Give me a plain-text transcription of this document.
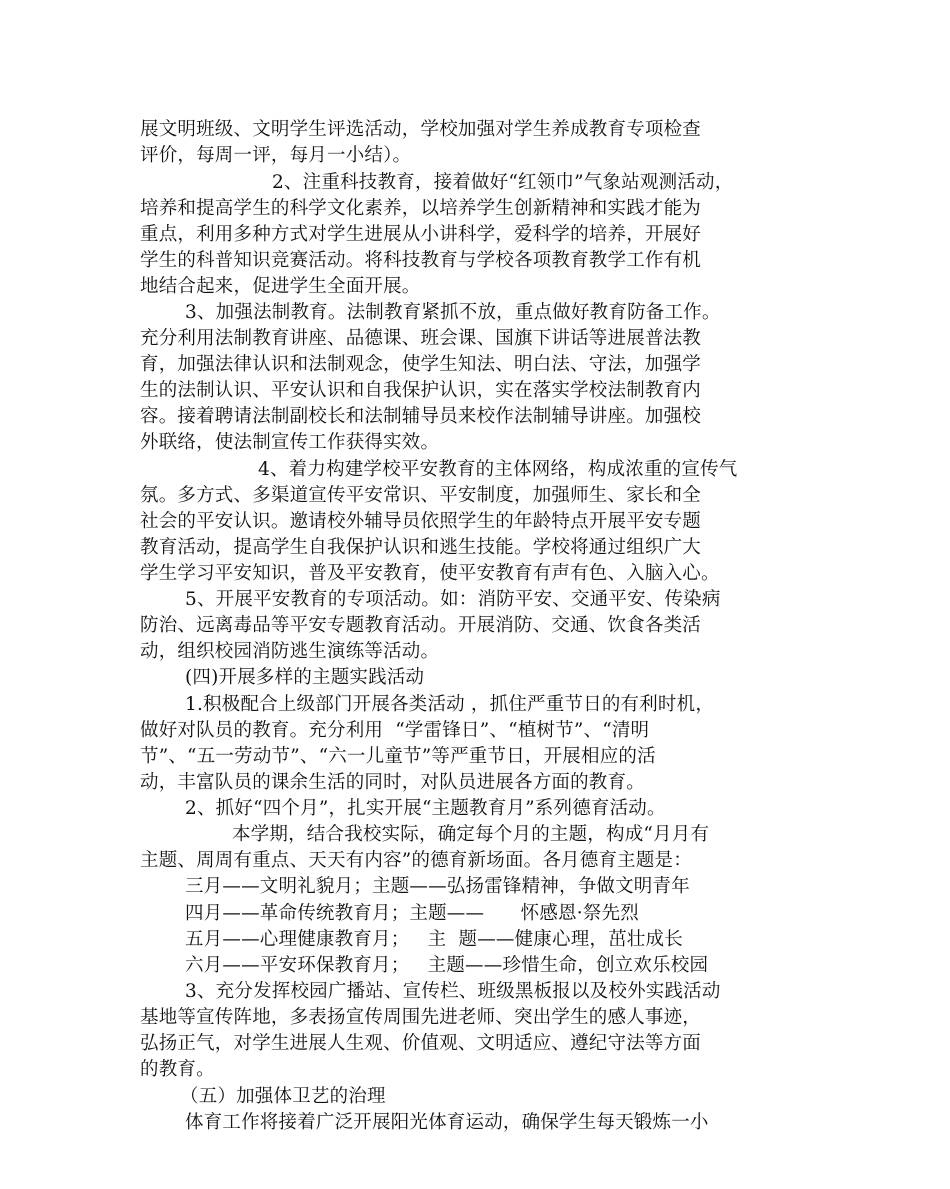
展文明班级、文明学生评选活动，学校加强对学生养成教育专项检查
评价，每周一评，每月一小结）。
2、注重科技教育，接着做好“红领巾”气象站观测活动，
培养和提高学生的科学文化素养，以培养学生创新精神和实践才能为
重点，利用多种方式对学生进展从小讲科学，爱科学的培养，开展好
学生的科普知识竞赛活动。将科技教育与学校各项教育教学工作有机
地结合起来，促进学生全面开展。
3、加强法制教育。法制教育紧抓不放，重点做好教育防备工作。
充分利用法制教育讲座、品德课、班会课、国旗下讲话等进展普法教
育，加强法律认识和法制观念，使学生知法、明白法、守法，加强学
生的法制认识、平安认识和自我保护认识，实在落实学校法制教育内
容。接着聘请法制副校长和法制辅导员来校作法制辅导讲座。加强校
外联络，使法制宣传工作获得实效。
4、着力构建学校平安教育的主体网络，构成浓重的宣传气
氛。多方式、多渠道宣传平安常识、平安制度，加强师生、家长和全
社会的平安认识。邀请校外辅导员依照学生的年龄特点开展平安专题
教育活动，提高学生自我保护认识和逃生技能。学校将通过组织广大
学生学习平安知识，普及平安教育，使平安教育有声有色、入脑入心。
5、开展平安教育的专项活动。如：消防平安、交通平安、传染病
防治、远离毒品等平安专题教育活动。开展消防、交通、饮食各类活
动，组织校园消防逃生演练等活动。
(四)开展多样的主题实践活动
1.积极配合上级部门开展各类活动 ，抓住严重节日的有利时机，
做好对队员的教育。充分利用  “学雷锋日”、“植树节”、“清明
节”、“五一劳动节”、“六一儿童节”等严重节日，开展相应的活
动，丰富队员的课余生活的同时，对队员进展各方面的教育。
2、抓好“四个月”，扎实开展“主题教育月”系列德育活动。
本学期，结合我校实际，确定每个月的主题，构成“月月有
主题、周周有重点、天天有内容”的德育新场面。各月德育主题是：
三月——文明礼貌月；主题——弘扬雷锋精神，争做文明青年
四月——革命传统教育月；主题——      怀感恩·祭先烈
五月——心理健康教育月；   主  题——健康心理，茁壮成长
六月——平安环保教育月；   主题——珍惜生命，创立欢乐校园
3、充分发挥校园广播站、宣传栏、班级黑板报以及校外实践活动
基地等宣传阵地，多表扬宣传周围先进老师、突出学生的感人事迹，
弘扬正气，对学生进展人生观、价值观、文明适应、遵纪守法等方面
的教育。
（五）加强体卫艺的治理
体育工作将接着广泛开展阳光体育运动，确保学生每天锻炼一小
